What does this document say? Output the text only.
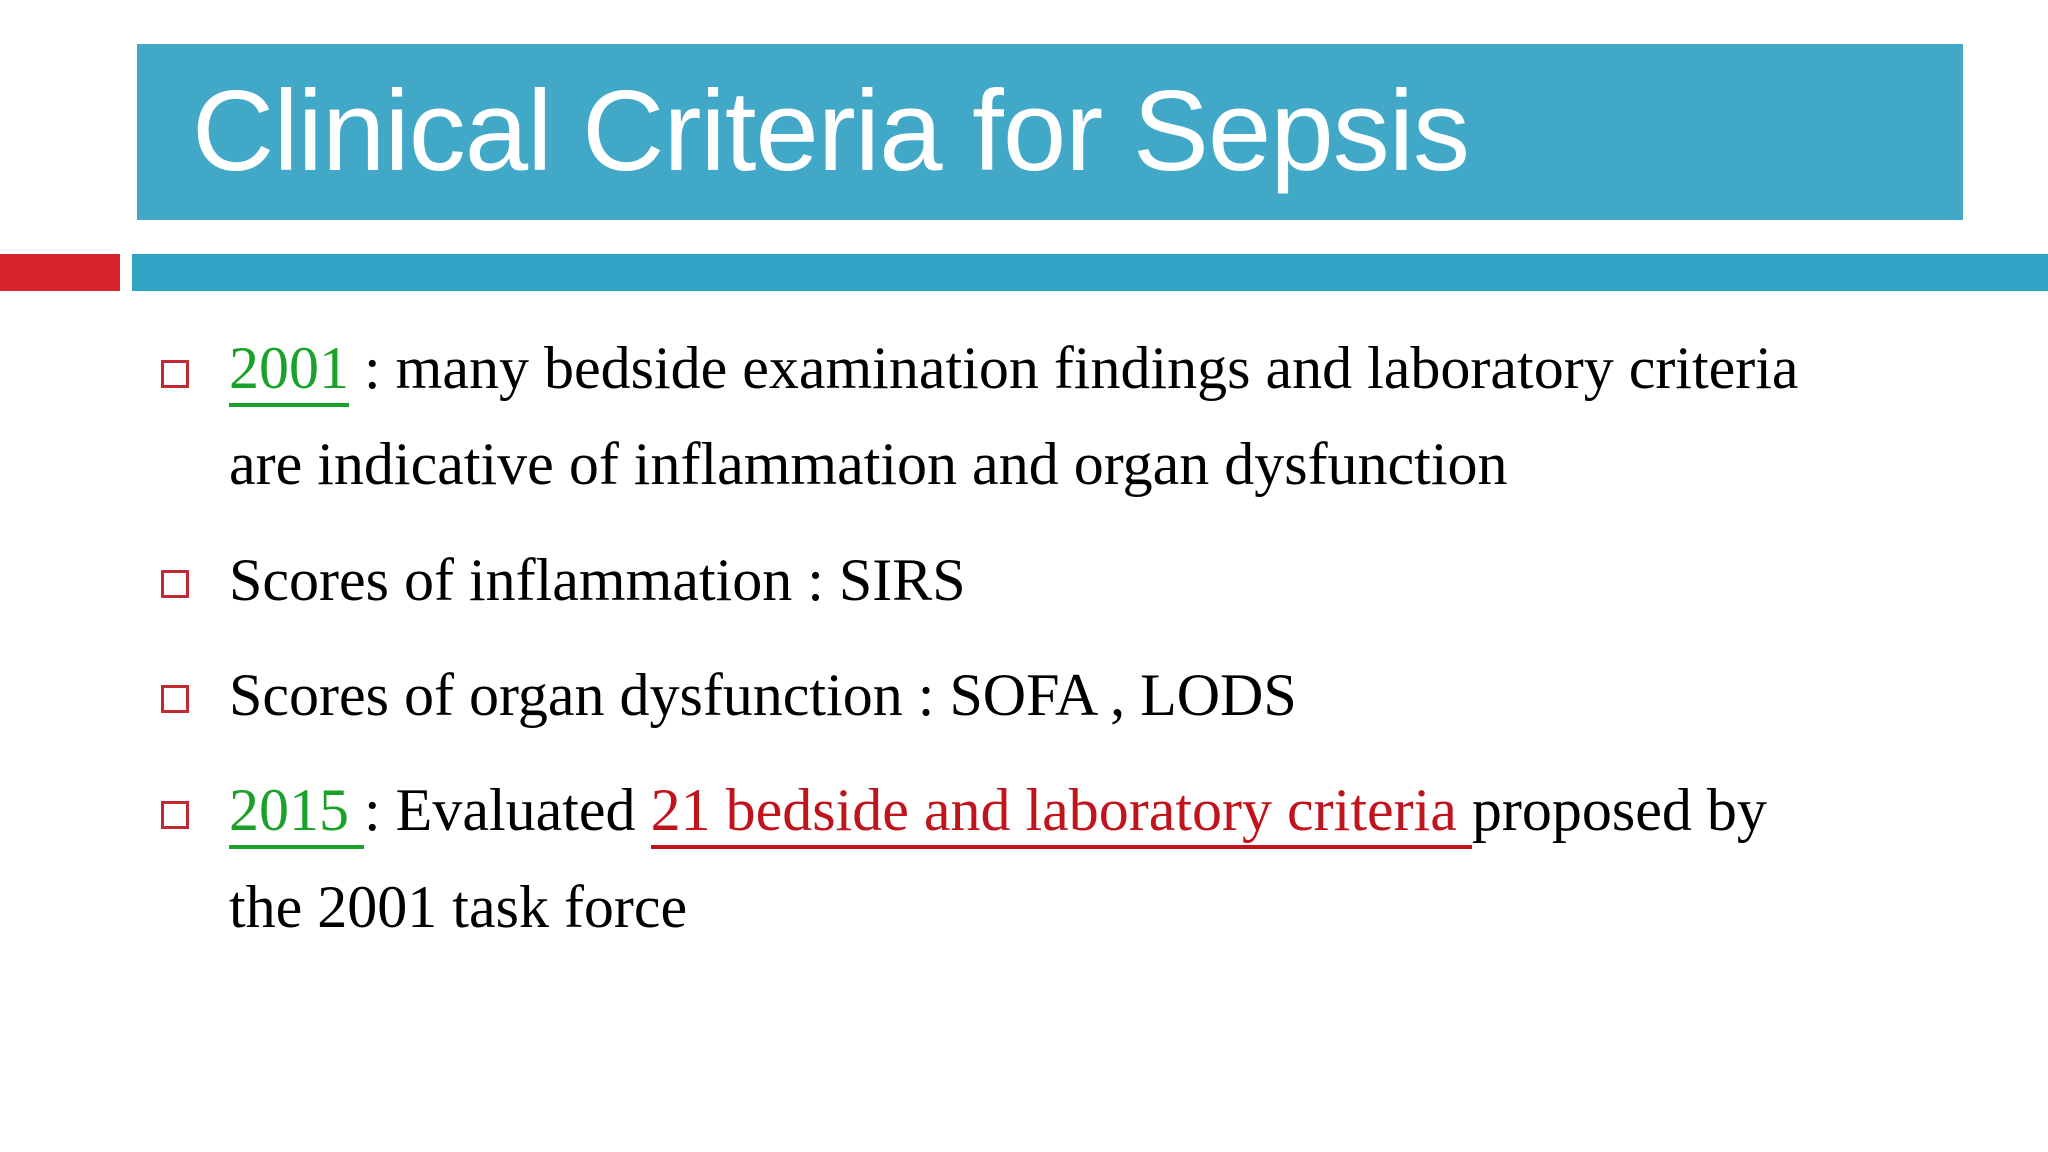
Clinical Criteria for Sepsis
2001 : many bedside examination findings and laboratory criteria
are indicative of inflammation and organ dysfunction
Scores of inflammation : SIRS
Scores of organ dysfunction : SOFA , LODS
2015 : Evaluated 21 bedside and laboratory criteria proposed by
the 2001 task force
